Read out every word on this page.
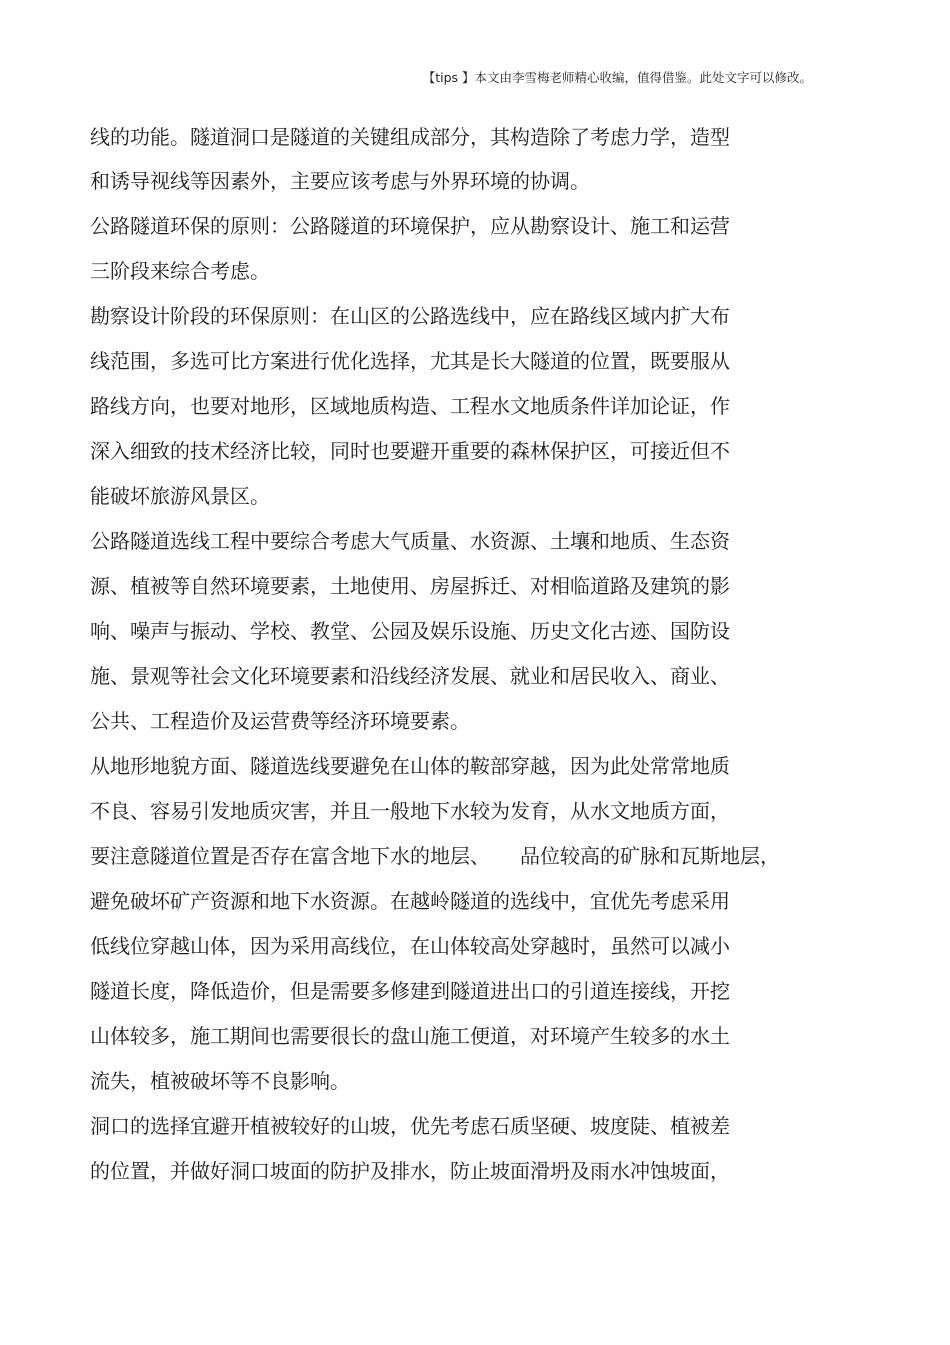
【tips 】本文由李雪梅老师精心收编，值得借鉴。此处文字可以修改。
线的功能。隧道洞口是隧道的关键组成部分，其构造除了考虑力学，造型
和诱导视线等因素外，主要应该考虑与外界环境的协调。
公路隧道环保的原则：公路隧道的环境保护，应从勘察设计、施工和运营
三阶段来综合考虑。
勘察设计阶段的环保原则：在山区的公路选线中，应在路线区域内扩大布
线范围，多选可比方案进行优化选择，尤其是长大隧道的位置，既要服从
路线方向，也要对地形，区域地质构造、工程水文地质条件详加论证，作
深入细致的技术经济比较，同时也要避开重要的森林保护区，可接近但不
能破坏旅游风景区。
公路隧道选线工程中要综合考虑大气质量、水资源、土壤和地质、生态资
源、植被等自然环境要素，土地使用、房屋拆迁、对相临道路及建筑的影
响、噪声与振动、学校、教堂、公园及娱乐设施、历史文化古迹、国防设
施、景观等社会文化环境要素和沿线经济发展、就业和居民收入、商业、
公共、工程造价及运营费等经济环境要素。
从地形地貌方面、隧道选线要避免在山体的鞍部穿越，因为此处常常地质
不良、容易引发地质灾害，并且一般地下水较为发育，从水文地质方面，
要注意隧道位置是否存在富含地下水的地层、　　品位较高的矿脉和瓦斯地层，
避免破坏矿产资源和地下水资源。在越岭隧道的选线中，宜优先考虑采用
低线位穿越山体，因为采用高线位，在山体较高处穿越时，虽然可以减小
隧道长度，降低造价，但是需要多修建到隧道进出口的引道连接线，开挖
山体较多，施工期间也需要很长的盘山施工便道，对环境产生较多的水土
流失，植被破坏等不良影响。
洞口的选择宜避开植被较好的山坡，优先考虑石质坚硬、坡度陡、植被差
的位置，并做好洞口坡面的防护及排水，防止坡面滑坍及雨水冲蚀坡面，
